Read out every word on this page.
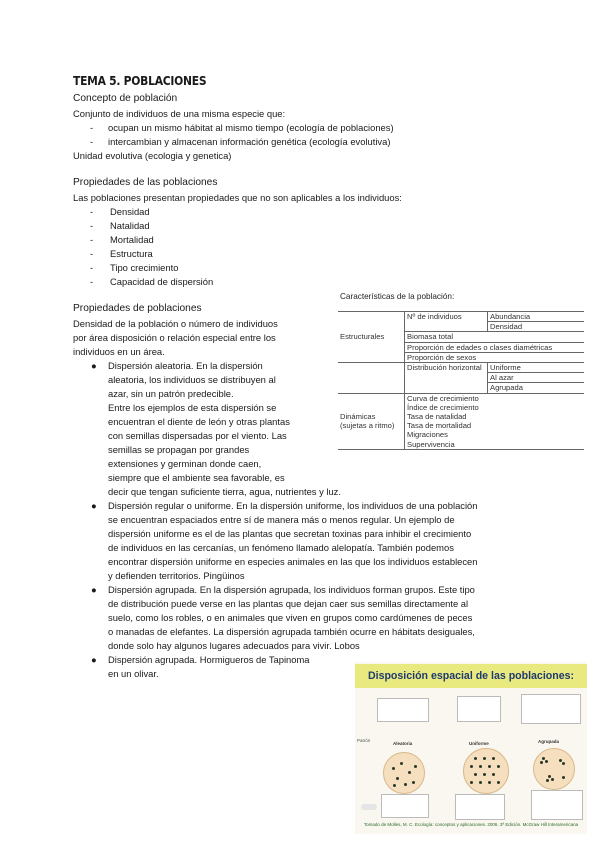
TEMA 5. POBLACIONES
Concepto de población
Conjunto de individuos de una misma especie que:
- ocupan un mismo hábitat al mismo tiempo (ecología de poblaciones)
- intercambian y almacenan información genética (ecología evolutiva)
Unidad evolutiva (ecologia y genetica)
Propiedades de las poblaciones
Las poblaciones presentan propiedades que no son aplicables a los individuos:
- Densidad
- Natalidad
- Mortalidad
- Estructura
- Tipo crecimiento
- Capacidad de dispersión
Propiedades de poblaciones
Densidad de la población o número de individuos
por área disposición o relación especial entre los
individuos en un área.
● Dispersión aleatoria. En la dispersión
aleatoria, los individuos se distribuyen al
azar, sin un patrón predecible.
Entre los ejemplos de esta dispersión se
encuentran el diente de león y otras plantas
con semillas dispersadas por el viento. Las
semillas se propagan por grandes
extensiones y germinan donde caen,
siempre que el ambiente sea favorable, es
decir que tengan suficiente tierra, agua, nutrientes y luz.
● Dispersión regular o uniforme. En la dispersión uniforme, los individuos de una población
se encuentran espaciados entre sí de manera más o menos regular. Un ejemplo de
dispersión uniforme es el de las plantas que secretan toxinas para inhibir el crecimiento
de individuos en las cercanías, un fenómeno llamado alelopatía. También podemos
encontrar dispersión uniforme en especies animales en las que los individuos establecen
y defienden territorios. Pingüinos
● Dispersión agrupada. En la dispersión agrupada, los individuos forman grupos. Este tipo
de distribución puede verse en las plantas que dejan caer sus semillas directamente al
suelo, como los robles, o en animales que viven en grupos como cardúmenes de peces
o manadas de elefantes. La dispersión agrupada también ocurre en hábitats desiguales,
donde solo hay algunos lugares adecuados para vivir. Lobos
● Dispersión agrupada. Hormigueros de Tapinoma
en un olivar.
Características de la población:
Estructurales	Nº de individuos	Abundancia
		Densidad
	Biomasa total	
	Proporción de edades o clases diamétricas	
	Proporción de sexos	
	Distribución horizontal	Uniforme
		Al azar
		Agrupada
Dinámicas (sujetas a ritmo)	Curva de crecimiento	
	Índice de crecimiento	
	Tasa de natalidad	
	Tasa de mortalidad	
	Migraciones	
	Supervivencia	
Disposición espacial de las poblaciones:
Patrón
Aleatoria	Uniforme	Agrupada
Tomado de Molles, M. C. Ecología: conceptos y aplicaciones. 2006. 3ª Edición. McGraw Hill Interamericana
